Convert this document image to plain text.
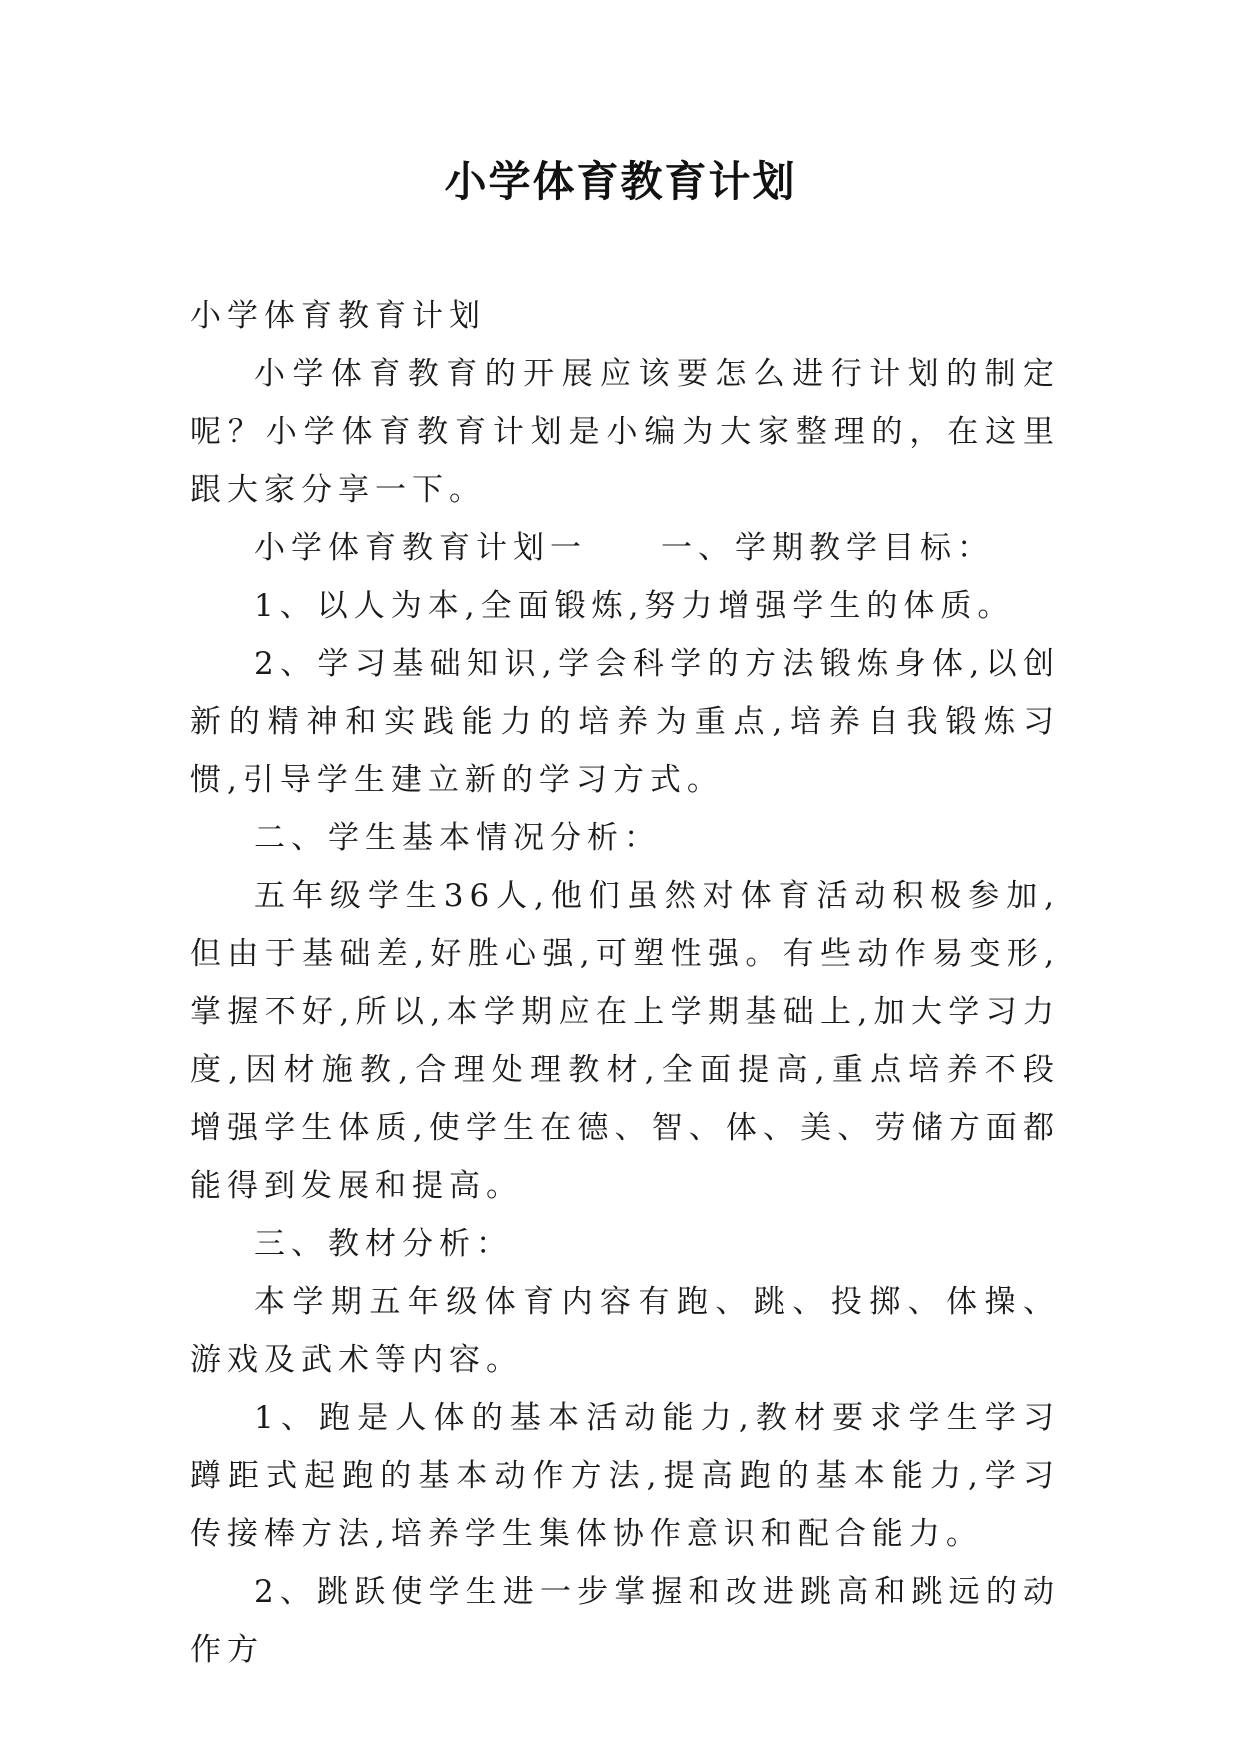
小学体育教育计划

小学体育教育计划

小学体育教育的开展应该要怎么进行计划的制定呢？小学体育教育计划是小编为大家整理的，在这里跟大家分享一下。

小学体育教育计划一　　一、学期教学目标：

1、以人为本,全面锻炼,努力增强学生的体质。

2、学习基础知识,学会科学的方法锻炼身体,以创新的精神和实践能力的培养为重点,培养自我锻炼习惯,引导学生建立新的学习方式。

二、学生基本情况分析：

五年级学生36人,他们虽然对体育活动积极参加,但由于基础差,好胜心强,可塑性强。有些动作易变形,掌握不好,所以,本学期应在上学期基础上,加大学习力度,因材施教,合理处理教材,全面提高,重点培养不段增强学生体质,使学生在德、智、体、美、劳储方面都能得到发展和提高。

三、教材分析：

本学期五年级体育内容有跑、跳、投掷、体操、游戏及武术等内容。

1、跑是人体的基本活动能力,教材要求学生学习蹲距式起跑的基本动作方法,提高跑的基本能力,学习传接棒方法,培养学生集体协作意识和配合能力。

2、跳跃使学生进一步掌握和改进跳高和跳远的动作方
